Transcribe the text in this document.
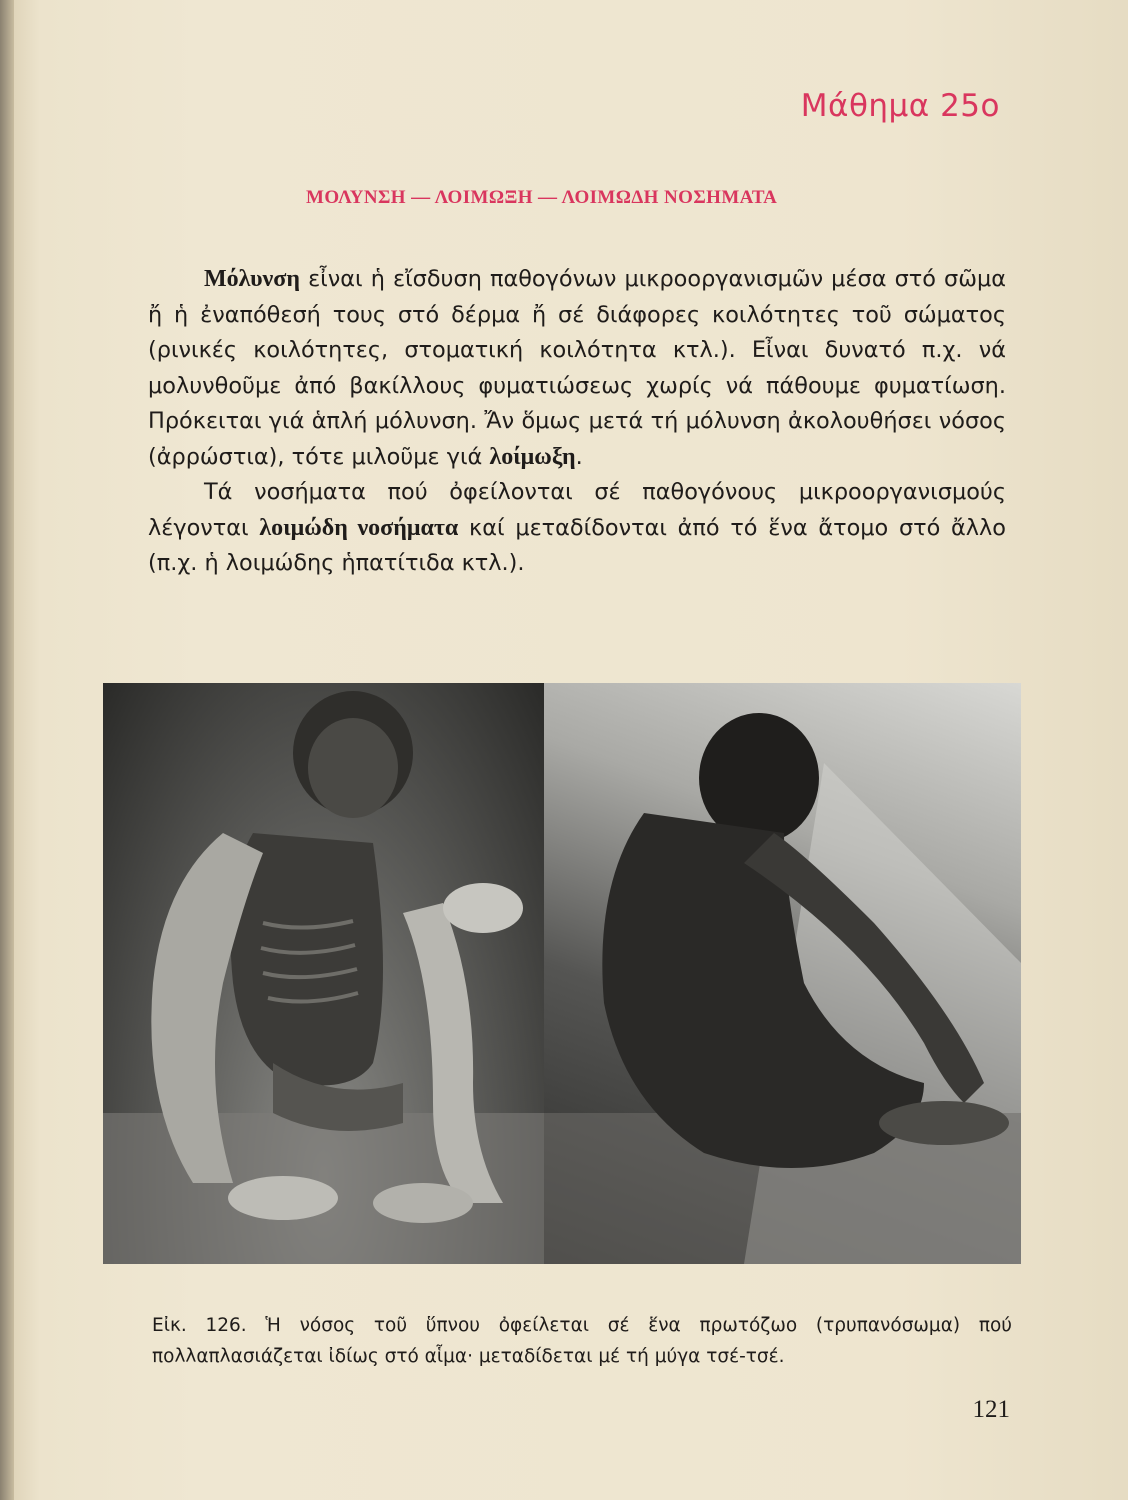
Μάθημα 25ο
ΜΟΛΥΝΣΗ — ΛΟΙΜΩΞΗ — ΛΟΙΜΩΔΗ ΝΟΣΗΜΑΤΑ

Μόλυνση εἶναι ἡ εἴσδυση παθογόνων μικροοργανισμῶν μέσα στό σῶμα ἤ ἡ ἐναπόθεσή τους στό δέρμα ἤ σέ διάφορες κοιλότητες τοῦ σώματος (ρινικές κοιλότητες, στοματική κοιλότητα κτλ.). Εἶναι δυνατό π.χ. νά μολυνθοῦμε ἀπό βακίλλους φυματιώσεως χωρίς νά πάθουμε φυματίωση. Πρόκειται γιά ἁπλή μόλυνση. Ἄν ὅμως μετά τή μόλυνση ἀκολουθήσει νόσος (ἀρρώστια), τότε μιλοῦμε γιά λοίμωξη.

Τά νοσήματα πού ὀφείλονται σέ παθογόνους μικροοργανισμούς λέγονται λοιμώδη νοσήματα καί μεταδίδονται ἀπό τό ἕνα ἄτομο στό ἄλλο (π.χ. ἡ λοιμώδης ἡπατίτιδα κτλ.).

Εἰκ. 126. Ἡ νόσος τοῦ ὕπνου ὀφείλεται σέ ἕνα πρωτόζωο (τρυπανόσωμα) πού πολλαπλασιάζεται ἰδίως στό αἷμα· μεταδίδεται μέ τή μύγα τσέ-τσέ.
121
